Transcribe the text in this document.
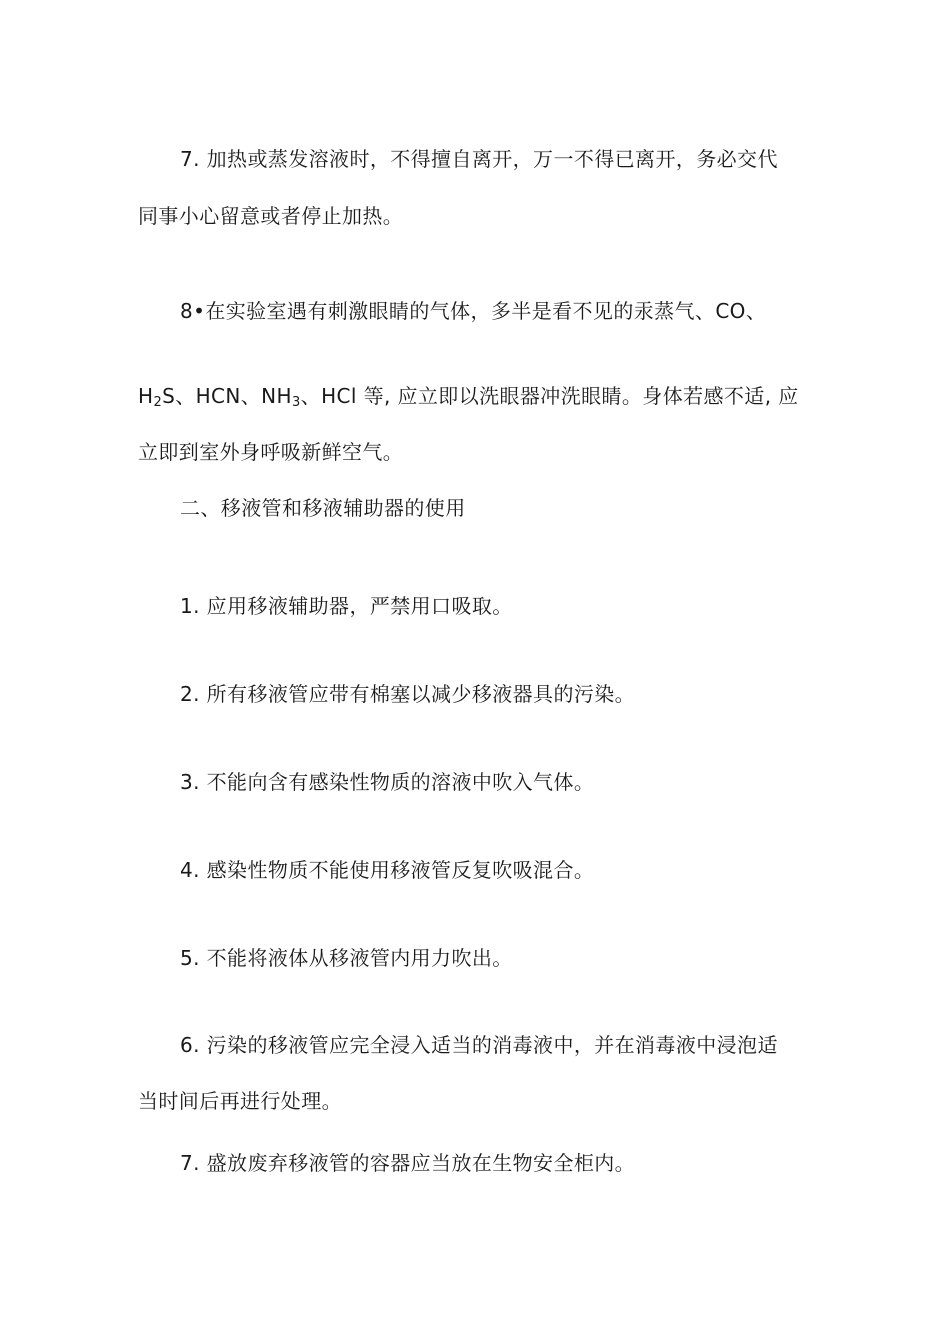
7. 加热或蒸发溶液时，不得擅自离开，万一不得已离开，务必交代
同事小心留意或者停止加热。
8•在实验室遇有刺激眼睛的气体，多半是看不见的汞蒸气、CO、
$H_2S$、HCN、$NH_3$、HCl 等, 应立即以洗眼器冲洗眼睛。身体若感不适, 应
立即到室外身呼吸新鲜空气。
二、移液管和移液辅助器的使用
1. 应用移液辅助器，严禁用口吸取。
2. 所有移液管应带有棉塞以减少移液器具的污染。
3. 不能向含有感染性物质的溶液中吹入气体。
4. 感染性物质不能使用移液管反复吹吸混合。
5. 不能将液体从移液管内用力吹出。
6. 污染的移液管应完全浸入适当的消毒液中，并在消毒液中浸泡适
当时间后再进行处理。
7. 盛放废弃移液管的容器应当放在生物安全柜内。
